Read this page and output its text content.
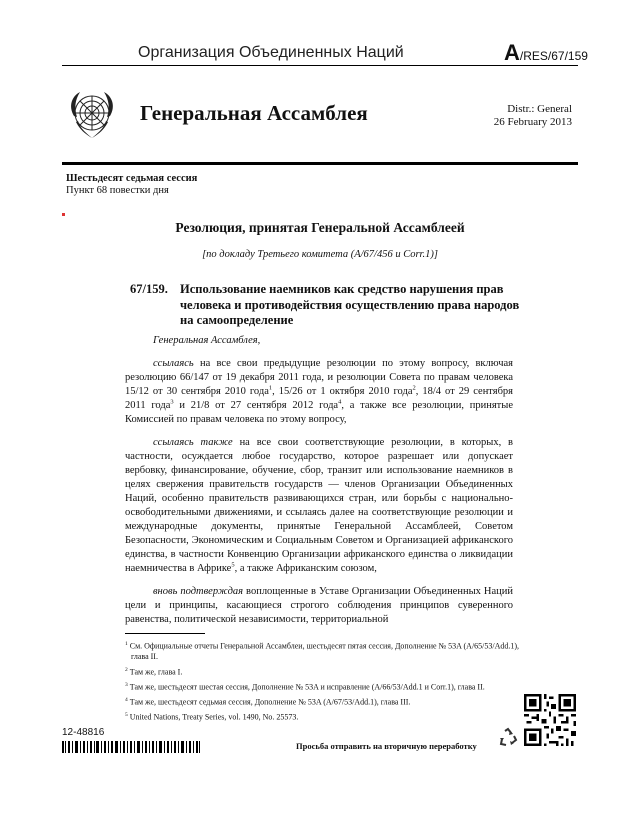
Организация Объединенных Наций	A/RES/67/159
Генеральная Ассамблея	Distr.: General
26 February 2013
Шестьдесят седьмая сессия
Пункт 68 повестки дня
Резолюция, принятая Генеральной Ассамблеей
[по докладу Третьего комитета (A/67/456 и Corr.1)]
67/159. Использование наемников как средство нарушения прав человека и противодействия осуществлению права народов на самоопределение

Генеральная Ассамблея,

ссылаясь на все свои предыдущие резолюции по этому вопросу, включая резолюцию 66/147 от 19 декабря 2011 года, и резолюции Совета по правам человека 15/12 от 30 сентября 2010 года$^1$, 15/26 от 1 октября 2010 года$^2$, 18/4 от 29 сентября 2011 года$^3$ и 21/8 от 27 сентября 2012 года$^4$, а также все резолюции, принятые Комиссией по правам человека по этому вопросу,

ссылаясь также на все свои соответствующие резолюции, в которых, в частности, осуждается любое государство, которое разрешает или допускает вербовку, финансирование, обучение, сбор, транзит или использование наемников в целях свержения правительств государств — членов Организации Объединенных Наций, особенно правительств развивающихся стран, или борьбы с национально-освободительными движениями, и ссылаясь далее на соответствующие резолюции и международные документы, принятые Генеральной Ассамблеей, Советом Безопасности, Экономическим и Социальным Советом и Организацией африканского единства, в частности Конвенцию Организации африканского единства о ликвидации наемничества в Африке$^5$, а также Африканским союзом,

вновь подтверждая воплощенные в Уставе Организации Объединенных Наций цели и принципы, касающиеся строгого соблюдения принципов суверенного равенства, политической независимости, территориальной

$^1$ См. Официальные отчеты Генеральной Ассамблеи, шестьдесят пятая сессия, Дополнение № 53A (A/65/53/Add.1), глава II.
$^2$ Там же, глава I.
$^3$ Там же, шестьдесят шестая сессия, Дополнение № 53A и исправление (A/66/53/Add.1 и Corr.1), глава II.
$^4$ Там же, шестьдесят седьмая сессия, Дополнение № 53A (A/67/53/Add.1), глава III.
$^5$ United Nations, Treaty Series, vol. 1490, No. 25573.
12-48816
Просьба отправить на вторичную переработку
